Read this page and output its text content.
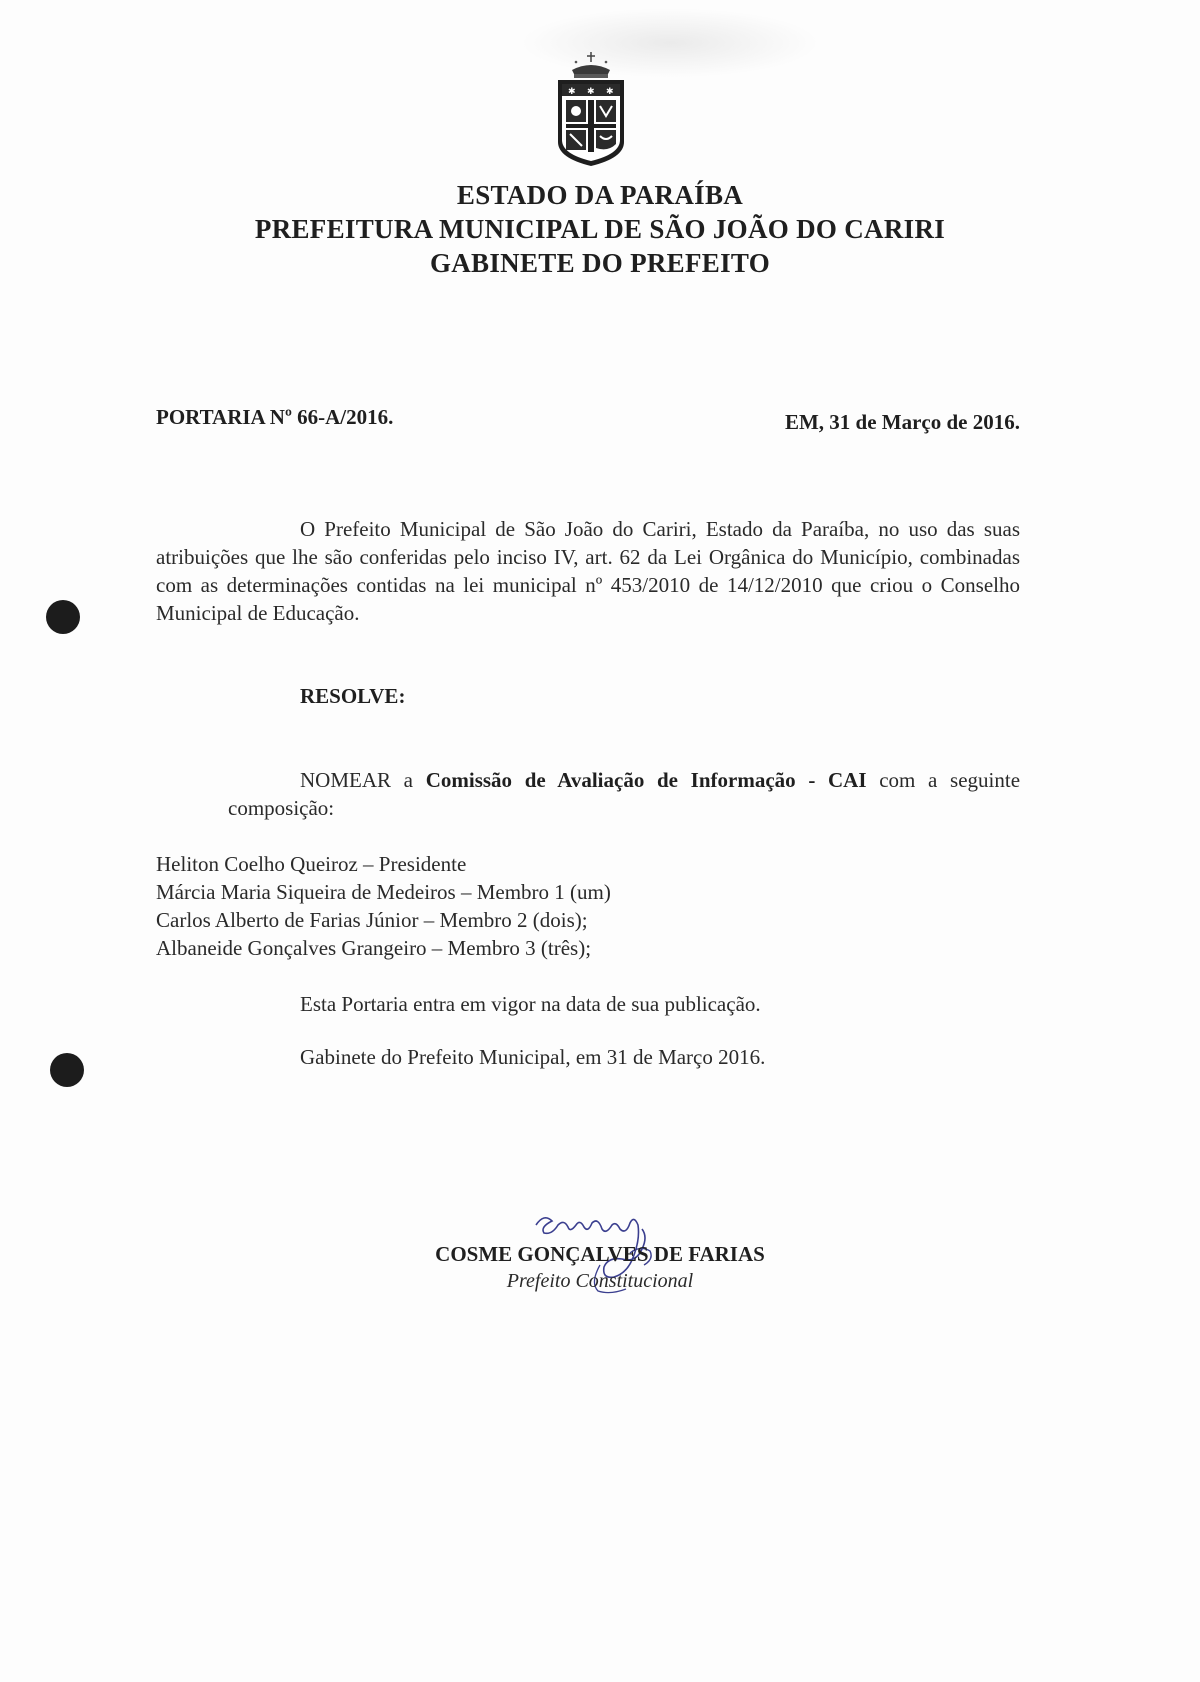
✱ ✱ ✱
ESTADO DA PARAÍBA
PREFEITURA MUNICIPAL DE SÃO JOÃO DO CARIRI
GABINETE DO PREFEITO
PORTARIA Nº 66-A/2016.	EM, 31 de Março de 2016.
O Prefeito Municipal de São João do Cariri, Estado da Paraíba, no uso das suas atribuições que lhe são conferidas pelo inciso IV, art. 62 da Lei Orgânica do Município, combinadas com as determinações contidas na lei municipal nº 453/2010 de 14/12/2010 que criou o Conselho Municipal de Educação.
RESOLVE:
NOMEAR a Comissão de Avaliação de Informação - CAI com a seguinte composição:
Heliton Coelho Queiroz – Presidente
Márcia Maria Siqueira de Medeiros – Membro 1 (um)
Carlos Alberto de Farias Júnior – Membro 2 (dois);
Albaneide Gonçalves Grangeiro – Membro 3 (três);
Esta Portaria entra em vigor na data de sua publicação.
Gabinete do Prefeito Municipal, em 31 de Março 2016.
COSME GONÇALVES DE FARIAS
Prefeito Constitucional
